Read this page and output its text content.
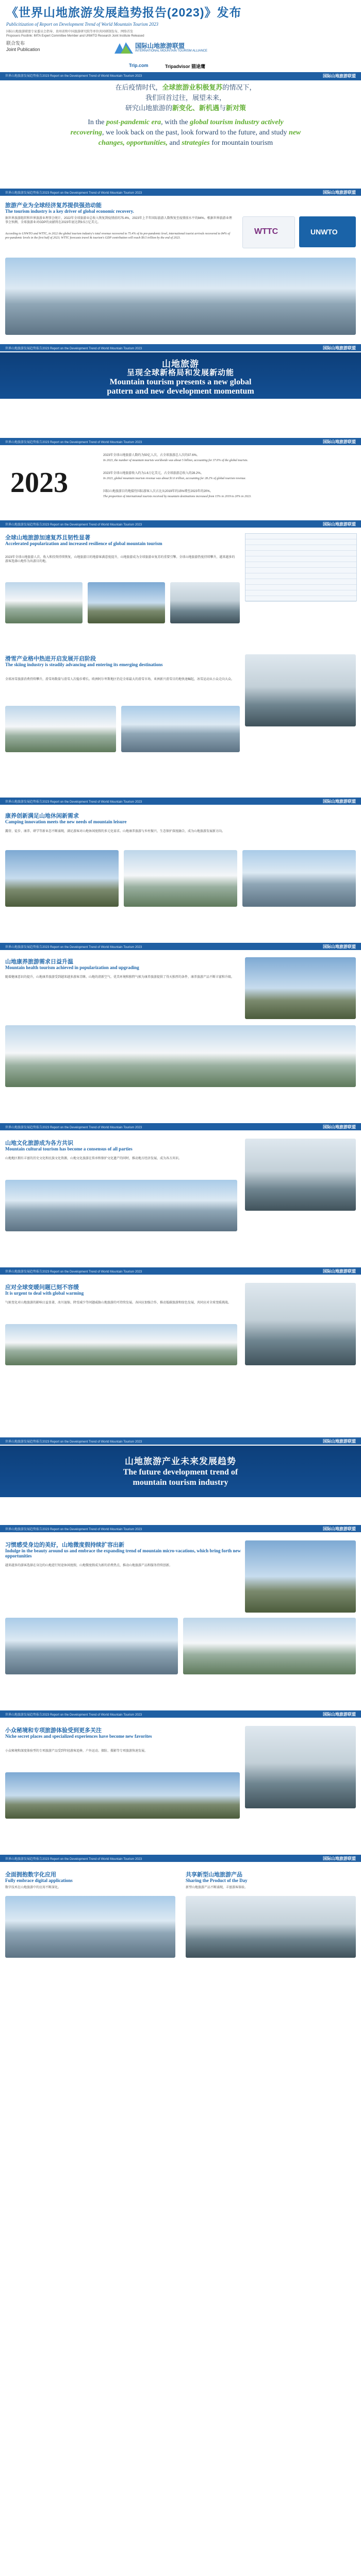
《世界山地旅游发展趋势报告(2023)》发布
Publicitization of Report on Development Trend of World Mountain Tourism 2023
国际山地旅游联盟专家委员会指导、贵州省和中国旅游研究院等单位共同研制发布，网络首发
Proposers Postlink: IMTA Expert Committee Member and UNWTO Research Joint Institute Released
联合发布
Joint Publication	国际山地旅游联盟
INTERNATIONAL MOUNTAIN TOURISM ALLIANCE
Trip.com	Tripadvisor 猫途鹰
世界山地旅游发展趋势报告2023 Report on the Development Trend of World Mountain Tourism 2023	国际山地旅游联盟
在后疫情时代，全球旅游业积极复苏的情况下，
我们回首过往，展望未来，
研究山地旅游的新变化、新机遇与新对策
In the post-pandemic era, with the global tourism industry actively
recovering, we look back on the past, look forward to the future, and study new
changes, opportunities, and strategies for mountain tourism
世界山地旅游发展趋势报告2023 Report on the Development Trend of World Mountain Tourism 2023	国际山地旅游联盟
旅游产业为全球经济复苏提供强劲动能
The tourism industry is a key driver of global economic recovery.
据世界旅游组织和世界旅游业理事会统计，2022年全球旅游业总收入恢复到疫情前的75.4%，2023年上半年国际旅游人数恢复至疫情前水平的84%。根据世界旅游业理事会预测，全球旅游业对GDP的贡献将在2023年底达到9.5万亿美元。
According to UNWTO and WTTC, in 2022 the global tourism industry's total revenue recovered to 75.4% of its pre-pandemic level, international tourist arrivals recovered to 84% of pre-pandemic levels in the first half of 2023; WTTC forecasts travel & tourism's GDP contribution will reach $9.5 trillion by the end of 2023.
WTTC	UNWTO
世界山地旅游发展趋势报告2023 Report on the Development Trend of World Mountain Tourism 2023	国际山地旅游联盟
山地旅游
呈现全球新格局和发展新动能
Mountain tourism presents a new global
pattern and new development momentum
世界山地旅游发展趋势报告2023 Report on the Development Trend of World Mountain Tourism 2023	国际山地旅游联盟
2023
2023年全球山地旅游人数约为50亿人次，占全球旅游总人次的37.6%。
In 2023, the number of mountain tourists worldwide was about 5 billion, accounting for 37.6% of the global tourists.
2023年全球山地旅游收入约为1.6万亿美元，占全球旅游总收入的28.2%。
In 2023, global mountain tourism revenue was about $1.6 trillion, accounting for 28.2% of global tourism revenue.
国际山地旅游目的地接待国际游客人次占比从2019年的15%增至2023年的20%。
The proportion of international tourists received by mountain destinations increased from 15% in 2019 to 20% in 2023.
世界山地旅游发展趋势报告2023 Report on the Development Trend of World Mountain Tourism 2023	国际山地旅游联盟
全球山地旅游加速复苏且韧性显著
Accelerated popularization and increased resilience of global mountain tourism
2023年全球山地旅游人次、收入和投资持续恢复，山地旅游目的地游客满意度提升，山地旅游成为全球旅游业复苏的重要引擎。全球山地旅游热度持续攀升，越来越多的游客选择山地作为出游目的地。
滑雪产业格中热进开启发展开启阶段
The skiing industry is steadily advancing and entering its emerging destinations
全球冰雪旅游消费持续攀升，滑雪场数量与滑雪人次稳步增长。欧洲阿尔卑斯地区仍是全球最大的滑雪市场，亚洲新兴滑雪目的地快速崛起，冰雪运动从小众走向大众。
世界山地旅游发展趋势报告2023 Report on the Development Trend of World Mountain Tourism 2023	国际山地旅游联盟
康养创新满足山地休闲新需求
Camping innovation meets the new needs of mountain leisure
露营、徒步、康养、研学等新业态不断涌现，满足游客对山地休闲度假的多元化需求。山地康养旅游与乡村振兴、生态保护深度融合，成为山地旅游发展新方向。
世界山地旅游发展趋势报告2023 Report on the Development Trend of World Mountain Tourism 2023	国际山地旅游联盟
山地康养旅游需求日益升温
Mountain health tourism achieved in popularization and upgrading
随着健康意识的提升，山地康养旅游受到越来越多游客青睐。山地的清新空气、优美环境和独特气候为康养旅游提供了得天独厚的条件，康养旅游产品不断丰富和升级。
世界山地旅游发展趋势报告2023 Report on the Development Trend of World Mountain Tourism 2023	国际山地旅游联盟
山地文化旅游成为各方共识
Mountain cultural tourism has become a consensus of all parties
山地地区拥有丰富的历史文化和民族文化资源，山地文化旅游在传承和保护文化遗产的同时，推动地方经济发展，成为各方共识。
世界山地旅游发展趋势报告2023 Report on the Development Trend of World Mountain Tourism 2023	国际山地旅游联盟
应对全球变暖问题已刻不容缓
It is urgent to deal with global warming
气候变化对山地旅游的影响日益显著，冰川退缩、降雪减少等问题威胁山地旅游的可持续发展。各国应加强合作，推动低碳旅游和绿色发展，共同应对全球变暖挑战。
世界山地旅游发展趋势报告2023 Report on the Development Trend of World Mountain Tourism 2023	国际山地旅游联盟
山地旅游产业未来发展趋势
The future development trend of
mountain tourism industry
世界山地旅游发展趋势报告2023 Report on the Development Trend of World Mountain Tourism 2023	国际山地旅游联盟
习惯感受身边的美好，山地微度假持续扩容出新
Indulge in the beauty around us and embrace the expanding trend of mountain micro-vacations, which bring forth new opportunities
越来越多的游客选择在身边的山地进行短途休闲度假，山地微度假成为新的消费热点，推动山地旅游产品和服务持续创新。
世界山地旅游发展趋势报告2023 Report on the Development Trend of World Mountain Tourism 2023	国际山地旅游联盟
小众秘境和专项旅游体验受到更多关注
Niche secret places and specialized experiences have become new favorites
小众秘境和深度体验型的专项旅游产品受到年轻游客追捧，户外运动、探险、摄影等专项旅游快速发展。
世界山地旅游发展趋势报告2023 Report on the Development Trend of World Mountain Tourism 2023	国际山地旅游联盟
全面拥抱数字化应用
Fully embrace digital applications
数字技术在山地旅游中的应用不断深化。
共享新型山地旅游产品
Sharing the Product of the Day
新型山地旅游产品不断涌现，丰富游客体验。
